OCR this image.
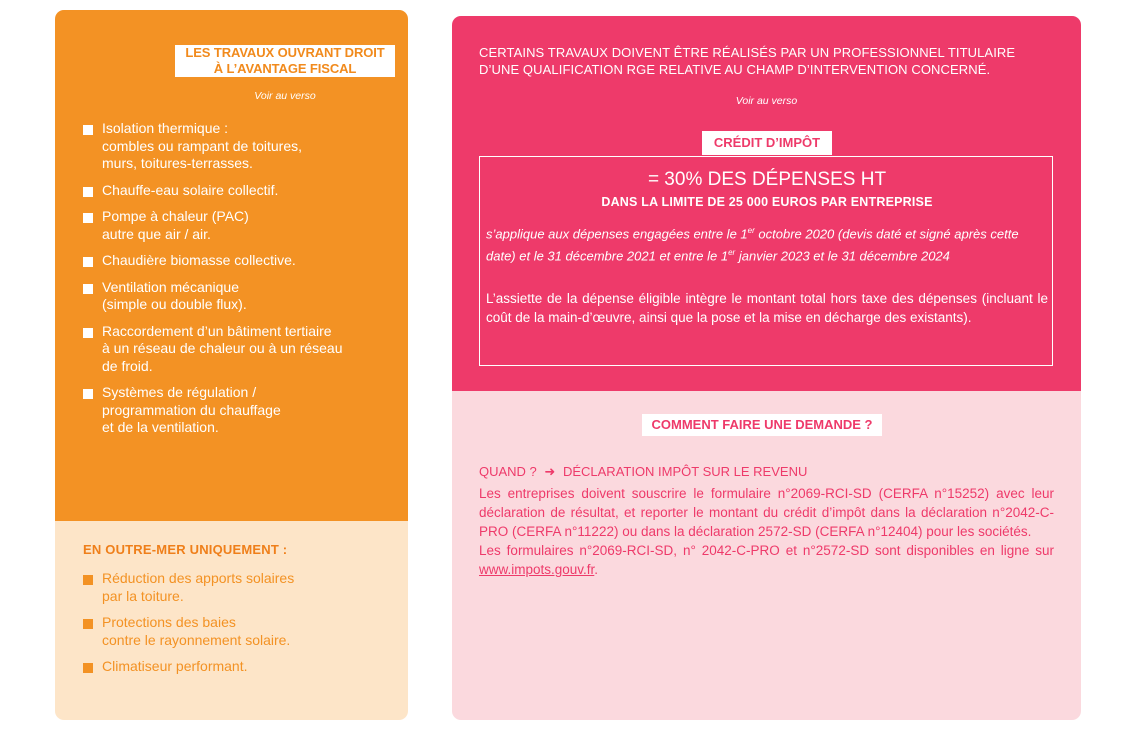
LES TRAVAUX OUVRANT DROIT
À L’AVANTAGE FISCAL
Voir au verso
Isolation thermique :
combles ou rampant de toitures,
murs, toitures-terrasses.
Chauffe-eau solaire collectif.
Pompe à chaleur (PAC)
autre que air / air.
Chaudière biomasse collective.
Ventilation mécanique
(simple ou double flux).
Raccordement d’un bâtiment tertiaire
à un réseau de chaleur ou à un réseau
de froid.
Systèmes de régulation /
programmation du chauffage
et de la ventilation.
EN OUTRE-MER UNIQUEMENT :
Réduction des apports solaires
par la toiture.
Protections des baies
contre le rayonnement solaire.
Climatiseur performant.
CERTAINS TRAVAUX DOIVENT ÊTRE RÉALISÉS PAR UN PROFESSIONNEL TITULAIRE D’UNE QUALIFICATION RGE RELATIVE AU CHAMP D’INTERVENTION CONCERNÉ.
Voir au verso
CRÉDIT D’IMPÔT
= 30% DES DÉPENSES HT
DANS LA LIMITE DE 25 000 EUROS PAR ENTREPRISE
s’applique aux dépenses engagées entre le 1er octobre 2020 (devis daté et signé après cette date) et le 31 décembre 2021 et entre le 1er janvier 2023 et le 31 décembre 2024
L’assiette de la dépense éligible intègre le montant total hors taxe des dépenses (incluant le coût de la main-d’œuvre, ainsi que la pose et la mise en décharge des existants).
COMMENT FAIRE UNE DEMANDE ?
QUAND ? ➜ DÉCLARATION IMPÔT SUR LE REVENU

Les entreprises doivent souscrire le formulaire n°2069-RCI-SD (CERFA n°15252) avec leur déclaration de résultat, et reporter le montant du crédit d’impôt dans la déclaration n°2042-C-PRO (CERFA n°11222) ou dans la déclaration 2572-SD (CERFA n°12404) pour les sociétés.

Les formulaires n°2069-RCI-SD, n° 2042-C-PRO et n°2572-SD sont disponibles en ligne sur www.impots.gouv.fr.
